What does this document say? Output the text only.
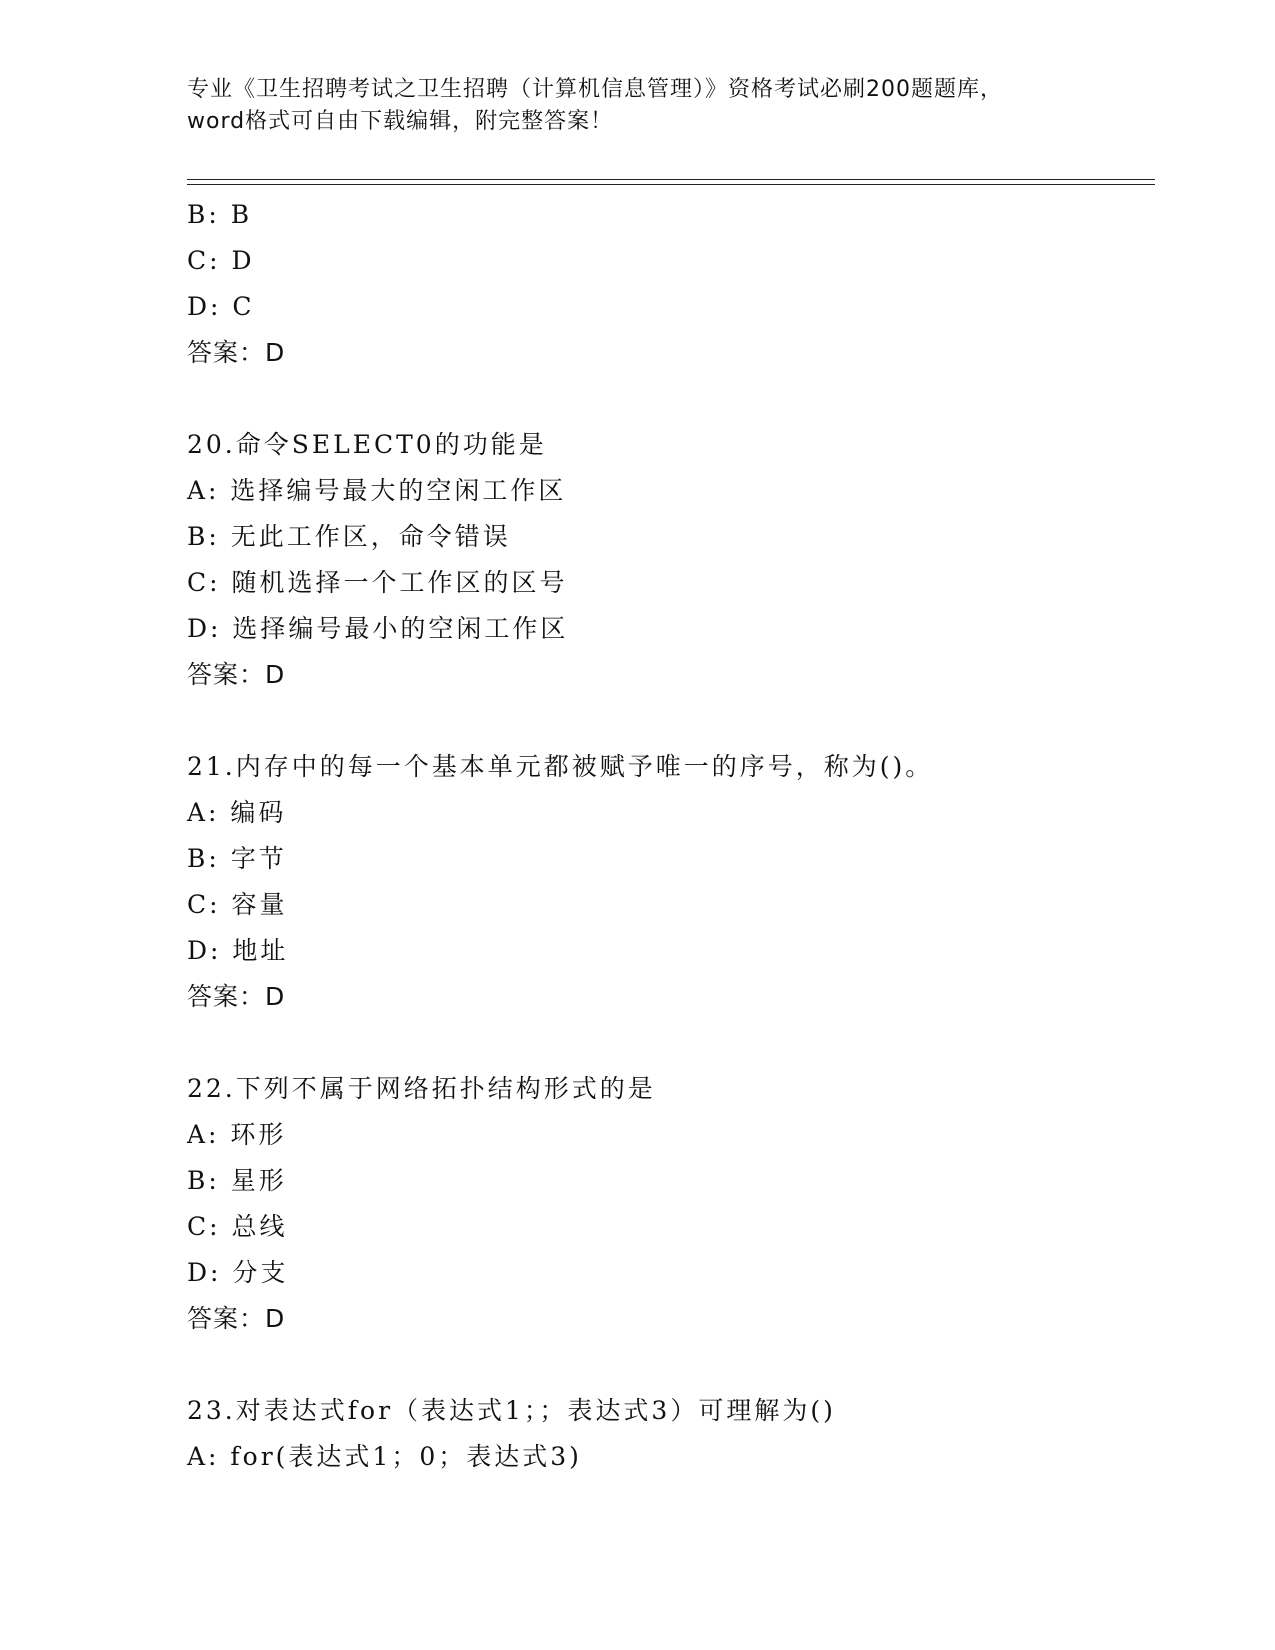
专业《卫生招聘考试之卫生招聘（计算机信息管理）》资格考试必刷200题题库，
word格式可自由下载编辑，附完整答案！
B: B
C: D
D: C
答案：D
20.命令SELECT0的功能是
A: 选择编号最大的空闲工作区
B: 无此工作区，命令错误
C: 随机选择一个工作区的区号
D: 选择编号最小的空闲工作区
答案：D
21.内存中的每一个基本单元都被赋予唯一的序号，称为()。
A: 编码
B: 字节
C: 容量
D: 地址
答案：D
22.下列不属于网络拓扑结构形式的是
A: 环形
B: 星形
C: 总线
D: 分支
答案：D
23.对表达式for（表达式1；；表达式3）可理解为()
A: for(表达式1；0；表达式3)
